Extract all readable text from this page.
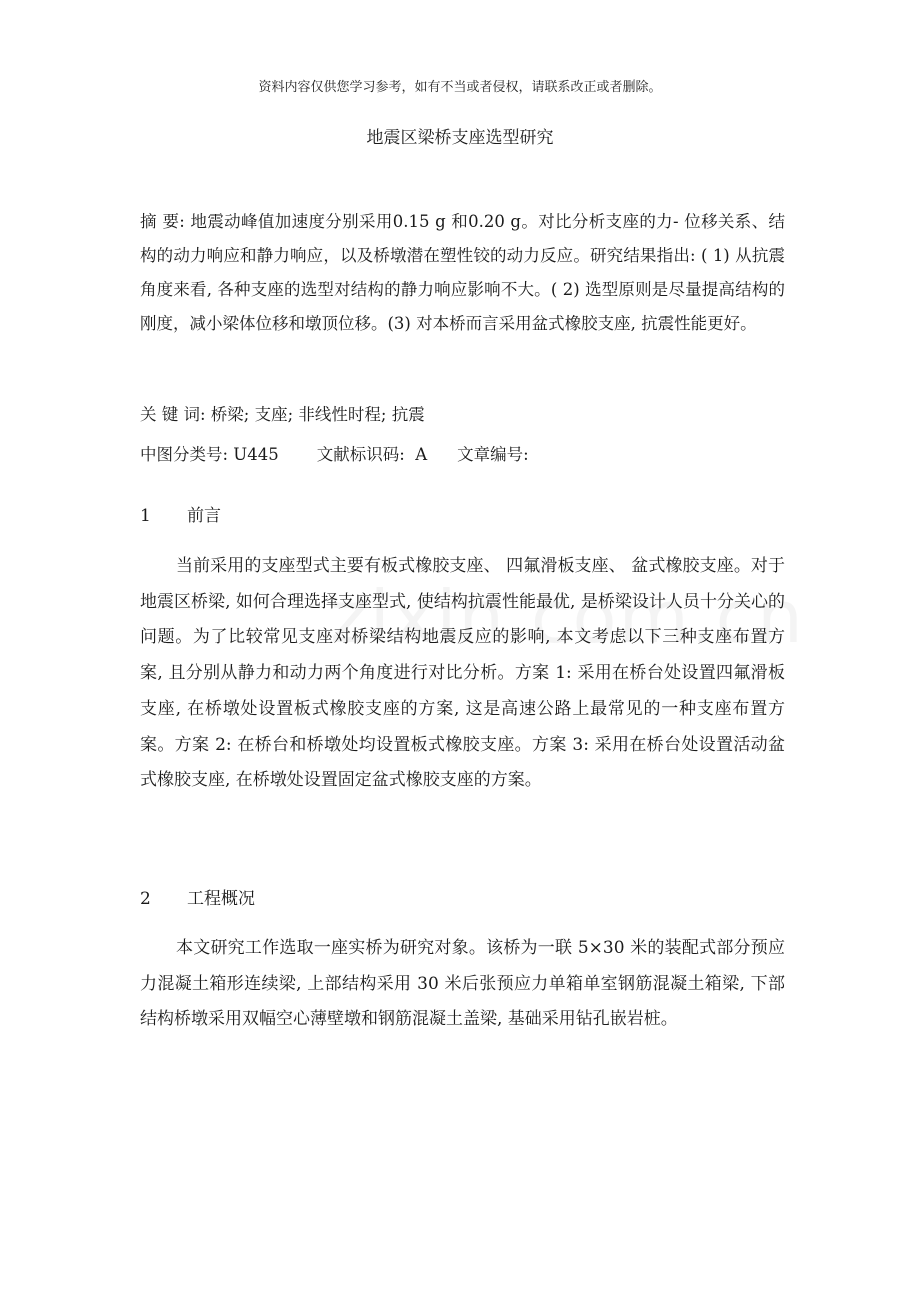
资料内容仅供您学习参考，如有不当或者侵权，请联系改正或者删除。
地震区梁桥支座选型研究
摘 要: 地震动峰值加速度分别采用0.15 g 和0.20 g。对比分析支座的力- 位移关系、结构的动力响应和静力响应，以及桥墩潜在塑性铰的动力反应。研究结果指出: ( 1) 从抗震角度来看, 各种支座的选型对结构的静力响应影响不大。( 2) 选型原则是尽量提高结构的刚度，减小梁体位移和墩顶位移。(3) 对本桥而言采用盆式橡胶支座, 抗震性能更好。
关 键 词: 桥梁; 支座; 非线性时程; 抗震
中图分类号: U445 文献标识码:  A 文章编号:
1 前言
当前采用的支座型式主要有板式橡胶支座、 四氟滑板支座、 盆式橡胶支座。对于地震区桥梁, 如何合理选择支座型式, 使结构抗震性能最优, 是桥梁设计人员十分关心的问题。为了比较常见支座对桥梁结构地震反应的影响, 本文考虑以下三种支座布置方案, 且分别从静力和动力两个角度进行对比分析。方案 1: 采用在桥台处设置四氟滑板支座, 在桥墩处设置板式橡胶支座的方案, 这是高速公路上最常见的一种支座布置方案。方案 2: 在桥台和桥墩处均设置板式橡胶支座。方案 3: 采用在桥台处设置活动盆式橡胶支座, 在桥墩处设置固定盆式橡胶支座的方案。
2 工程概况
本文研究工作选取一座实桥为研究对象。该桥为一联 5×30 米的装配式部分预应力混凝土箱形连续梁, 上部结构采用 30 米后张预应力单箱单室钢筋混凝土箱梁, 下部结构桥墩采用双幅空心薄壁墩和钢筋混凝土盖梁, 基础采用钻孔嵌岩桩。
